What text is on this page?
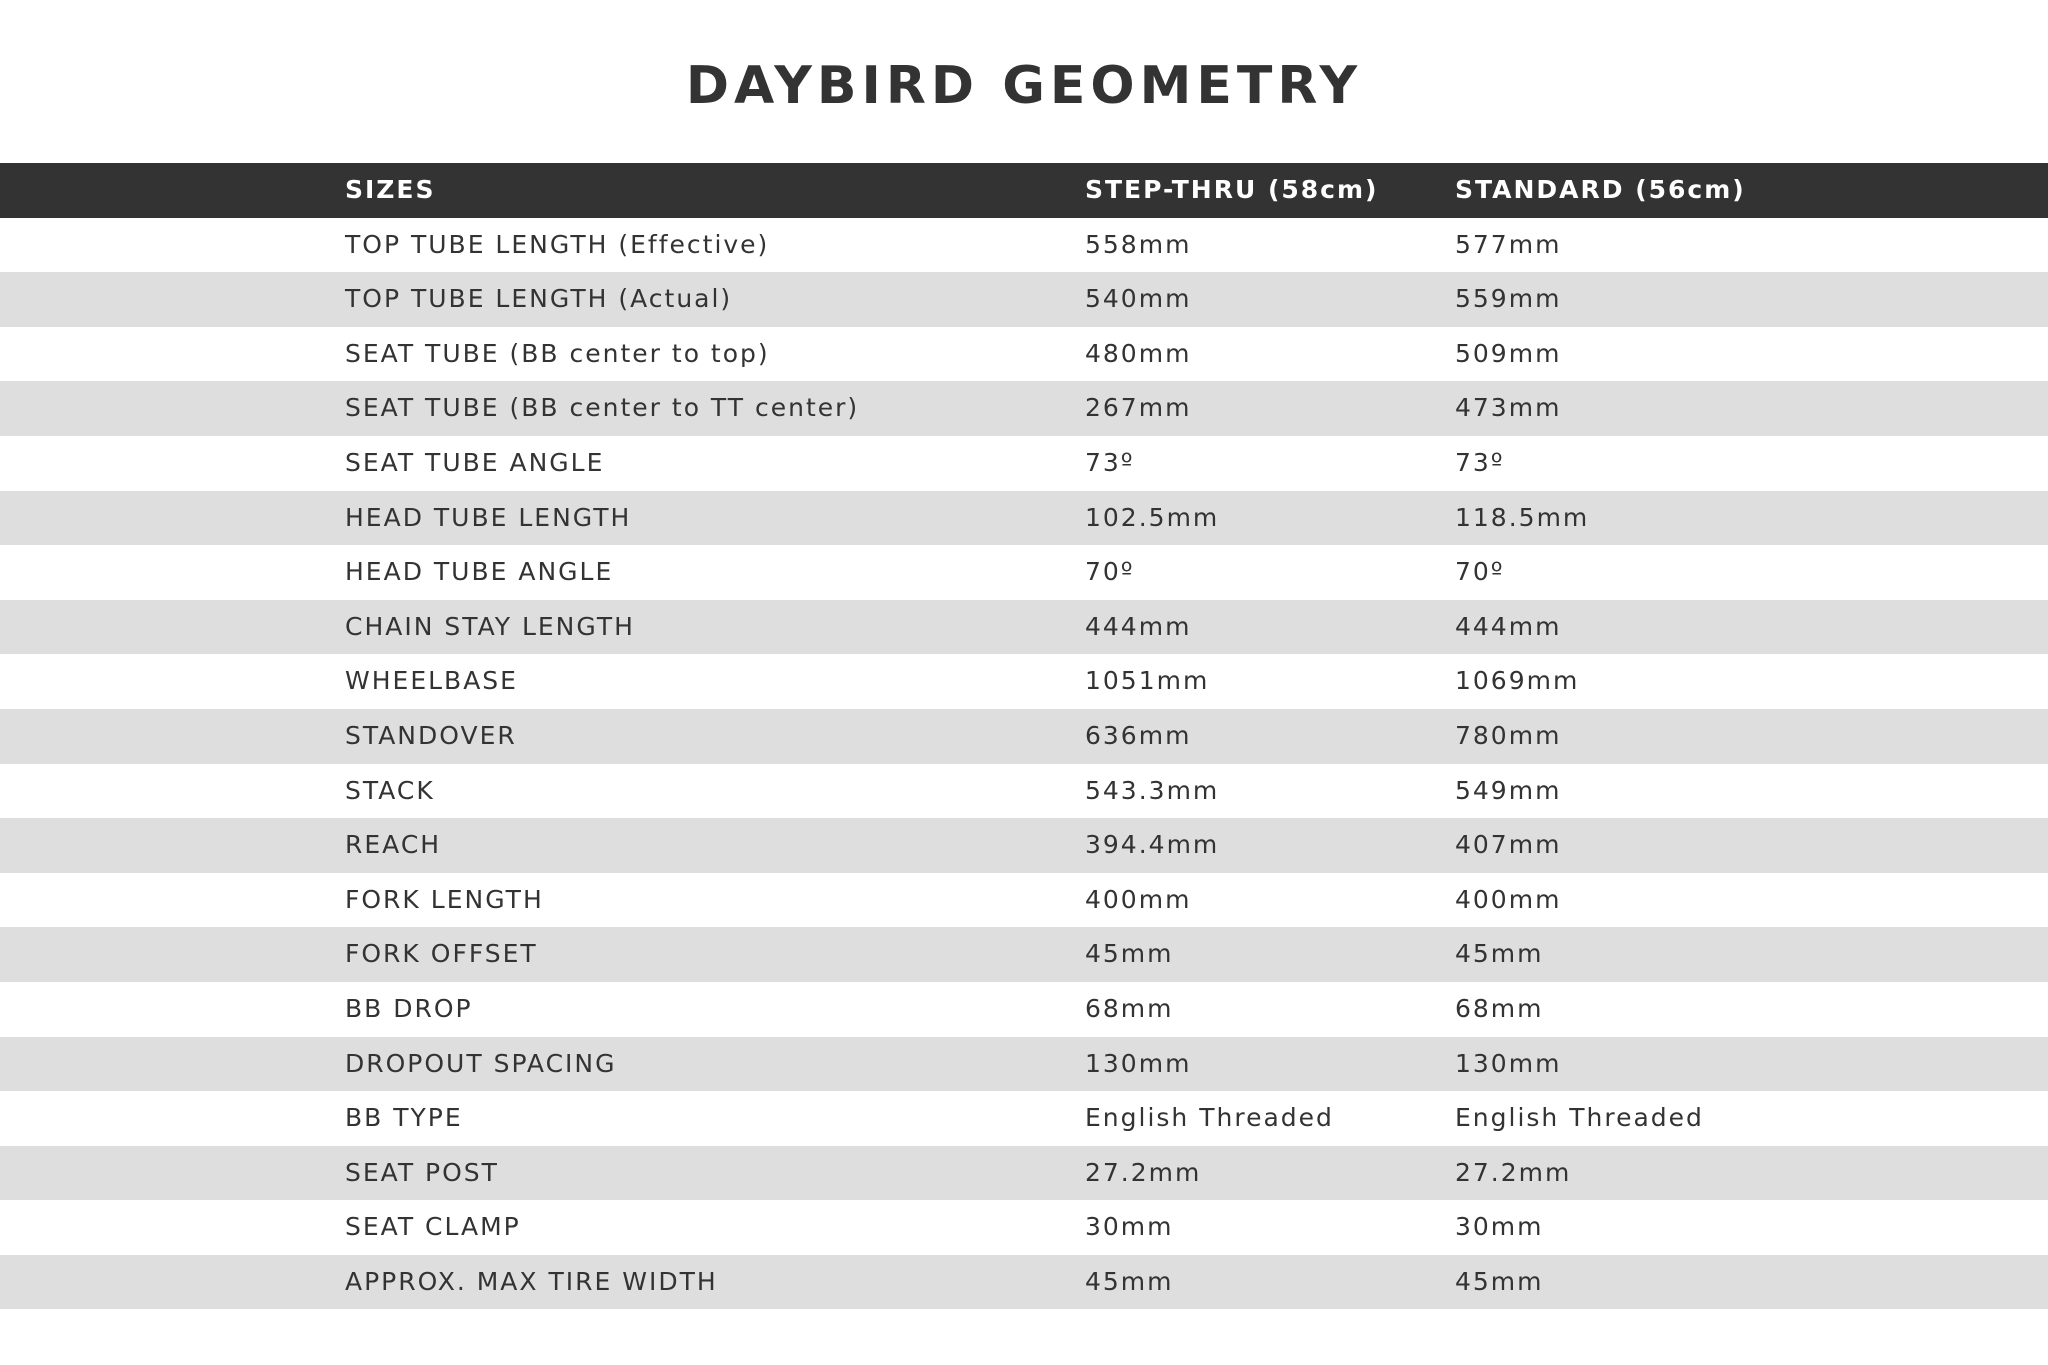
DAYBIRD GEOMETRY
SIZES	STEP-THRU (58cm)	STANDARD (56cm)
TOP TUBE LENGTH (Effective)	558mm	577mm
TOP TUBE LENGTH (Actual)	540mm	559mm
SEAT TUBE (BB center to top)	480mm	509mm
SEAT TUBE (BB center to TT center)	267mm	473mm
SEAT TUBE ANGLE	73º	73º
HEAD TUBE LENGTH	102.5mm	118.5mm
HEAD TUBE ANGLE	70º	70º
CHAIN STAY LENGTH	444mm	444mm
WHEELBASE	1051mm	1069mm
STANDOVER	636mm	780mm
STACK	543.3mm	549mm
REACH	394.4mm	407mm
FORK LENGTH	400mm	400mm
FORK OFFSET	45mm	45mm
BB DROP	68mm	68mm
DROPOUT SPACING	130mm	130mm
BB TYPE	English Threaded	English Threaded
SEAT POST	27.2mm	27.2mm
SEAT CLAMP	30mm	30mm
APPROX. MAX TIRE WIDTH	45mm	45mm
